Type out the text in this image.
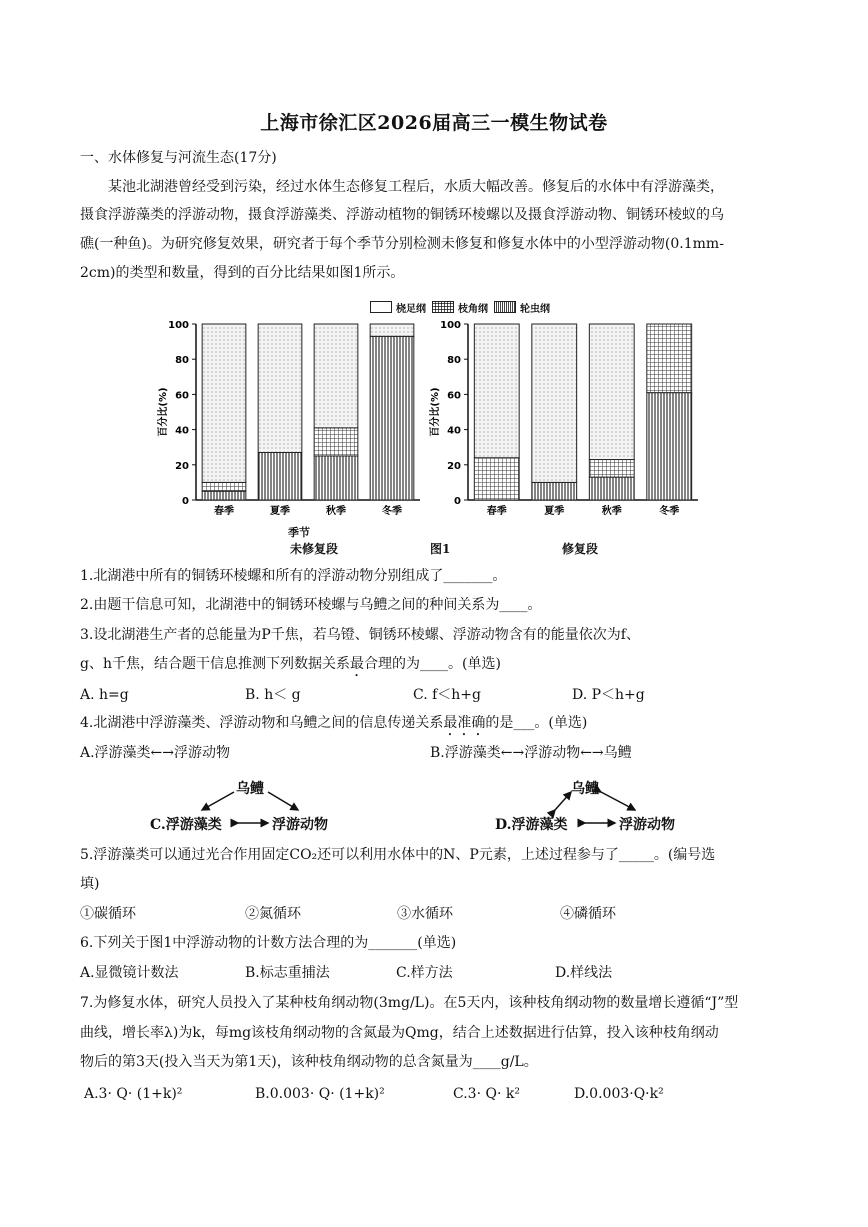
上海市徐汇区2026届高三一模生物试卷
一、水体修复与河流生态(17分)
某池北湖港曾经受到污染，经过水体生态修复工程后，水质大幅改善。修复后的水体中有浮游藻类，
摄食浮游藻类的浮游动物，摄食浮游藻类、浮游动植物的铜锈环棱螺以及摄食浮游动物、铜锈环棱蚁的乌
礁(一种鱼)。为研究修复效果，研究者于每个季节分别检测未修复和修复水体中的小型浮游动物(0.1mm-
2cm)的类型和数量，得到的百分比结果如图1所示。
桡足纲	枝角纲	轮虫纲
0
20
40
60
80
100
百分比(%)
春季	夏季	秋季	冬季
0
20
40
60
80
100
百分比(%)
春季	夏季	秋季	冬季
季节
未修复段	图1	修复段
1.北湖港中所有的铜锈环棱螺和所有的浮游动物分别组成了_______。
2.由题干信息可知，北湖港中的铜锈环棱螺与乌鳢之间的种间关系为____。
3.设北湖港生产者的总能量为P千焦，若乌镫、铜锈环棱螺、浮游动物含有的能量依次为f、
g、h千焦，结合题干信息推测下列数据关系最合理的为____。(单选)
A. h=g	B. h＜ g	C. f＜h+g	D. P＜h+g
4.北湖港中浮游藻类、浮游动物和乌鳢之间的信息传递关系最准确的是___。(单选)
A.浮游藻类←→浮游动物	B.浮游藻类←→浮游动物←→乌鳢
乌鳢
C.浮游藻类	浮游动物
乌鳢
D.浮游藻类	浮游动物
5.浮游藻类可以通过光合作用固定CO₂还可以利用水体中的N、P元素，上述过程参与了_____。(编号选
填)
①碳循环	②氮循环	③水循环	④磷循环
6.下列关于图1中浮游动物的计数方法合理的为_______(单选)
A.显微镜计数法	B.标志重捕法	C.样方法	D.样线法
7.为修复水体，研究人员投入了某种枝角纲动物(3mg/L)。在5天内，该种枝角纲动物的数量增长遵循“J”型
曲线，增长率λ)为k，每mg该枝角纲动物的含氮最为Qmg，结合上述数据进行估算，投入该种枝角纲动
物后的第3天(投入当天为第1天)，该种枝角纲动物的总含氮量为____g/L。
A.3· Q· (1+k)²	B.0.003· Q· (1+k)²	C.3· Q· k²	D.0.003·Q·k²
